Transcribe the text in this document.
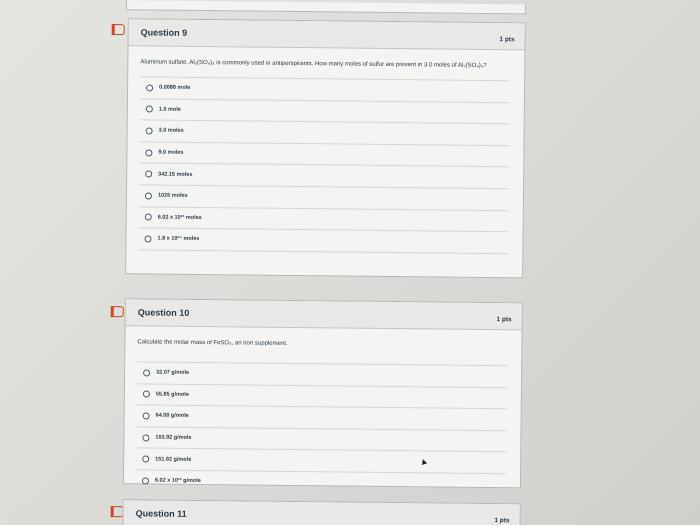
Question 9
1 pts
Aluminum sulfate, Al₂(SO₄)₃ is commonly used in antiperspirants. How many moles of sulfur are present in 3.0 moles of Al₂(SO₄)₃?
0.0088 mole
1.0 mole
3.0 moles
9.0 moles
342.15 moles
1026 moles
6.02 x 10²³ moles
1.8 x 10²⁴ moles
Question 10
1 pts
Calculate the molar mass of FeSO₄, an iron supplement.
32.07 g/mole
55.85 g/mole
64.00 g/mole
103.92 g/mole
151.92 g/mole
6.02 x 10²³ g/mole
Question 11
1 pts
▲
